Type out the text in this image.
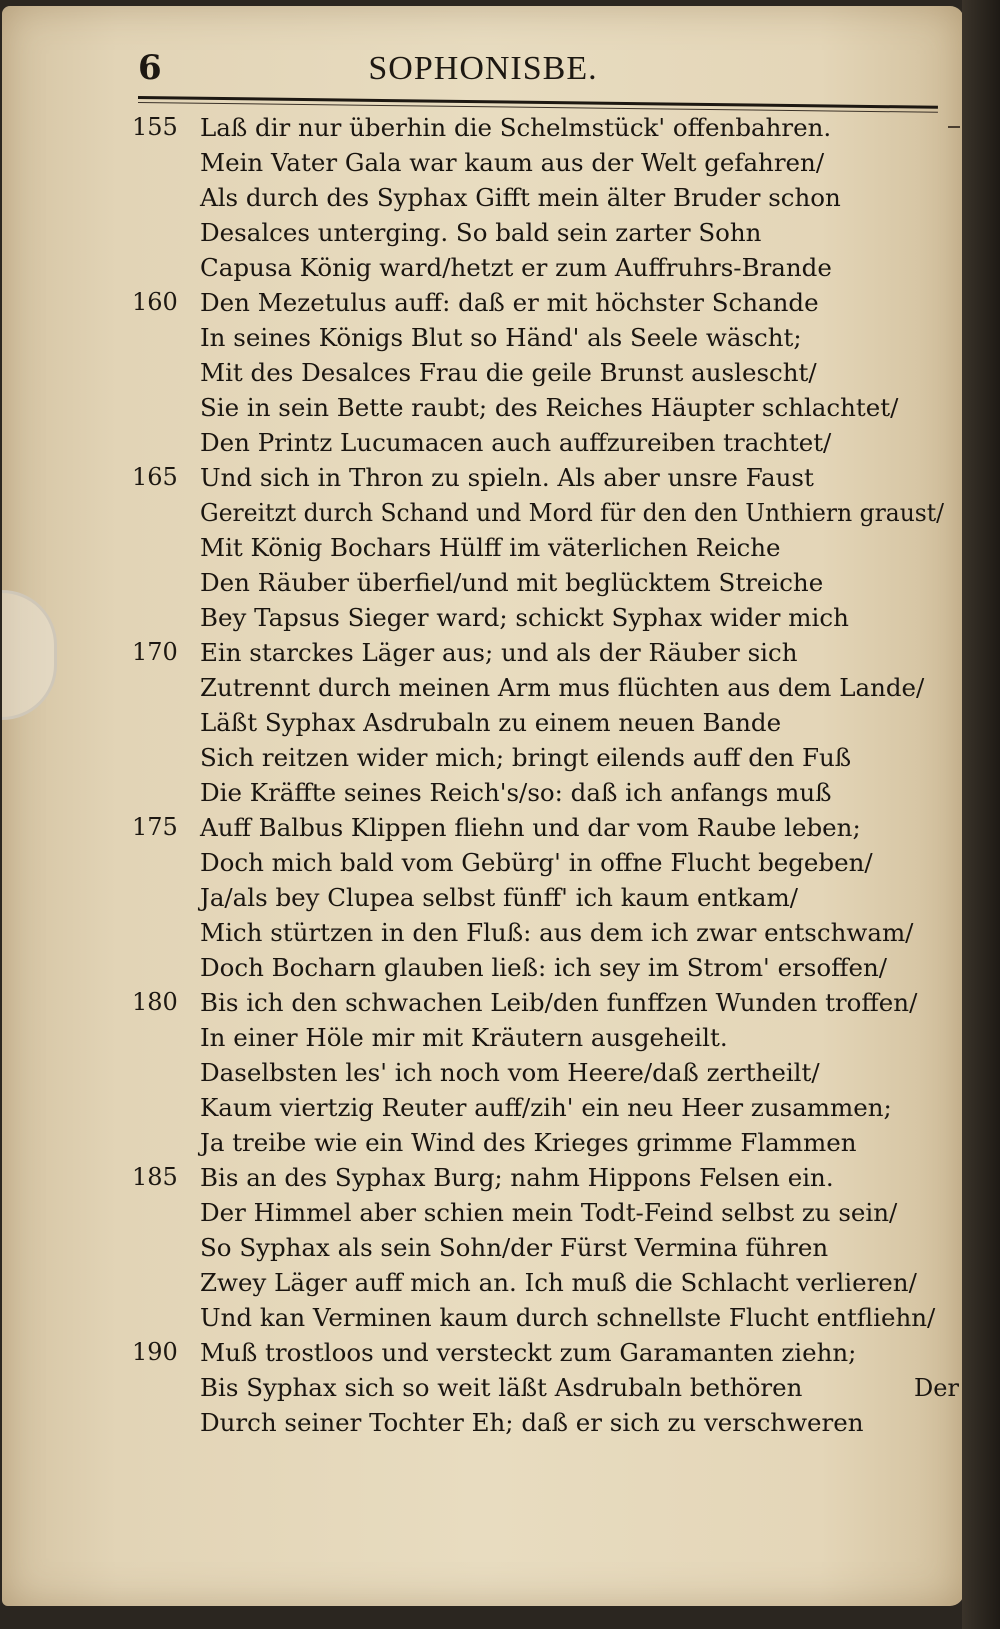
6	SOPHONISBE.
155 Laß dir nur überhin die Schelmstück' offenbahren.
Mein Vater Gala war kaum aus der Welt gefahren/
Als durch des Syphax Gifft mein älter Bruder schon
Desalces unterging. So bald sein zarter Sohn
Capusa König ward/hetzt er zum Auffruhrs-Brande
160 Den Mezetulus auff: daß er mit höchster Schande
In seines Königs Blut so Händ' als Seele wäscht;
Mit des Desalces Frau die geile Brunst auslescht/
Sie in sein Bette raubt; des Reiches Häupter schlachtet/
Den Printz Lucumacen auch auffzureiben trachtet/
165 Und sich in Thron zu spieln. Als aber unsre Faust
Gereitzt durch Schand und Mord für den den Unthiern graust/
Mit König Bochars Hülff im väterlichen Reiche
Den Räuber überfiel/und mit beglücktem Streiche
Bey Tapsus Sieger ward; schickt Syphax wider mich
170 Ein starckes Läger aus; und als der Räuber sich
Zutrennt durch meinen Arm mus flüchten aus dem Lande/
Läßt Syphax Asdrubaln zu einem neuen Bande
Sich reitzen wider mich; bringt eilends auff den Fuß
Die Kräffte seines Reich's/so: daß ich anfangs muß
175 Auff Balbus Klippen fliehn und dar vom Raube leben;
Doch mich bald vom Gebürg' in offne Flucht begeben/
Ja/als bey Clupea selbst fünff' ich kaum entkam/
Mich stürtzen in den Fluß: aus dem ich zwar entschwam/
Doch Bocharn glauben ließ: ich sey im Strom' ersoffen/
180 Bis ich den schwachen Leib/den funffzen Wunden troffen/
In einer Höle mir mit Kräutern ausgeheilt.
Daselbsten les' ich noch vom Heere/daß zertheilt/
Kaum viertzig Reuter auff/zih' ein neu Heer zusammen;
Ja treibe wie ein Wind des Krieges grimme Flammen
185 Bis an des Syphax Burg; nahm Hippons Felsen ein.
Der Himmel aber schien mein Todt-Feind selbst zu sein/
So Syphax als sein Sohn/der Fürst Vermina führen
Zwey Läger auff mich an. Ich muß die Schlacht verlieren/
Und kan Verminen kaum durch schnellste Flucht entfliehn/
190 Muß trostloos und versteckt zum Garamanten ziehn;
Bis Syphax sich so weit läßt Asdrubaln bethören
Durch seiner Tochter Eh; daß er sich zu verschweren
Der
